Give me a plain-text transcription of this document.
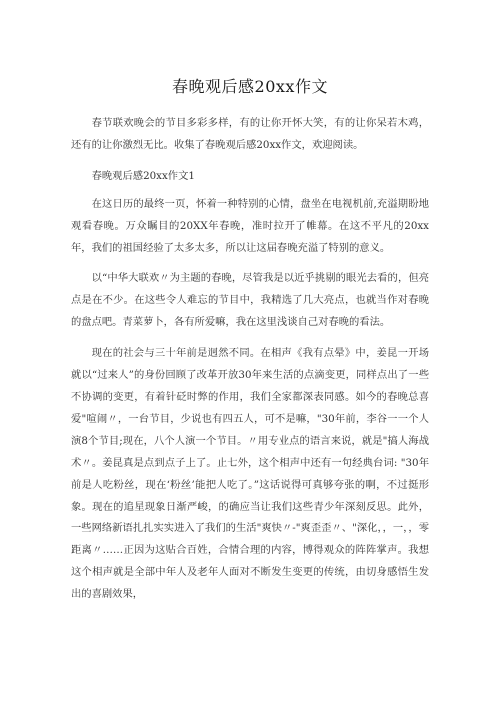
春晚观后感20xx作文

春节联欢晚会的节目多彩多样，有的让你开怀大笑，有的让你呆若木鸡，还有的让你激烈无比。收集了春晚观后感20xx作文，欢迎阅读。

春晚观后感20xx作文1

在这日历的最终一页，怀着一种特别的心情，盘坐在电视机前,充溢期盼地观看春晚。万众瞩目的20XX年春晚，准时拉开了帷幕。在这不平凡的20xx年，我们的祖国经验了太多太多，所以让这届春晚充溢了特别的意义。

以“中华大联欢〃为主题的春晚，尽管我是以近乎挑剔的眼光去看的，但亮点是在不少。在这些令人难忘的节目中，我精选了几大亮点，也就当作对春晚的盘点吧。青菜萝卜，各有所爱嘛，我在这里浅谈自己对春晚的看法。

现在的社会与三十年前是迥然不同。在相声《我有点晕》中，姜昆一开场就以“过来人”的身份回顾了改革开放30年来生活的点滴变更，同样点出了一些不协调的变更，有着针砭时弊的作用，我们全家都深表同感。如今的春晚总喜爱"喧闹〃，一台节目，少说也有四五人，可不是嘛，"30年前，李谷一一个人演8个节目;现在，八个人演一个节目。〃用专业点的语言来说，就是"搞人海战术〃。姜昆真是点到点子上了。止七外，这个相声中还有一句经典台词: "30年前是人吃粉丝，现在‘粉丝’能把人吃了。”这话说得可真够夸张的啊，不过挺形象。现在的追星现象日渐严峻，的确应当让我们这些青少年深刻反思。此外，一些网络新语扎扎实实进入了我们的生活"爽快〃-"爽歪歪〃、"深化，，一，，零距离〃……正因为这贴合百姓，合情合理的内容，博得观众的阵阵掌声。我想这个相声就是全部中年人及老年人面对不断发生变更的传统，由切身感悟生发出的喜剧效果，
